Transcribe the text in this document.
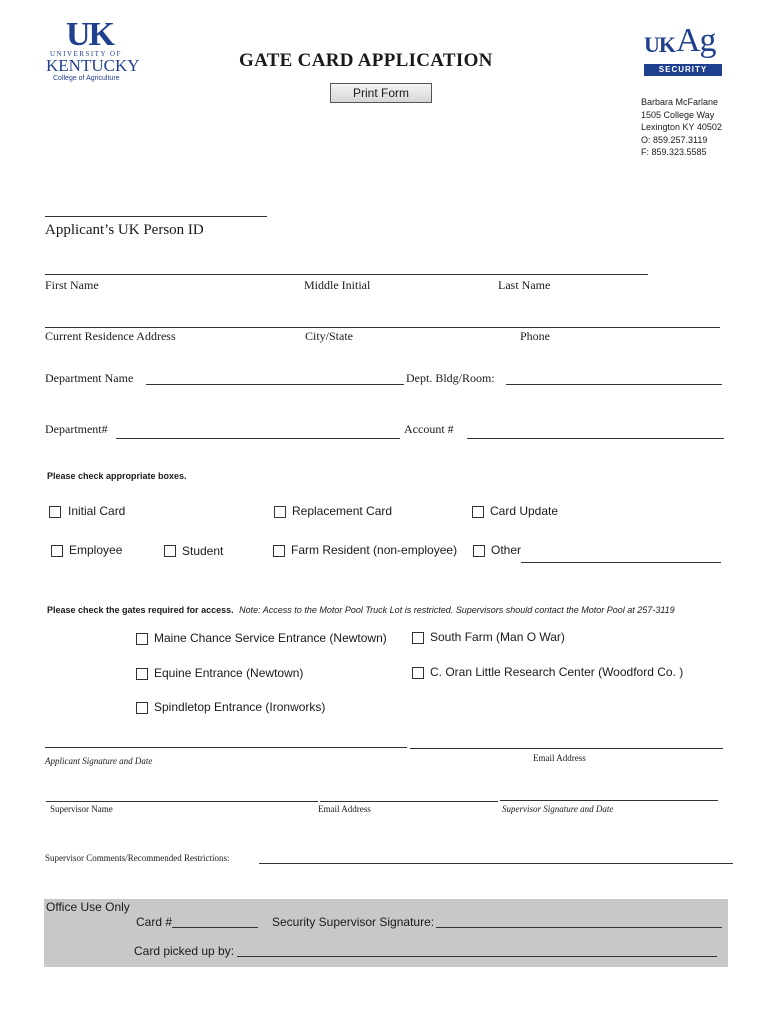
UK
UNIVERSITY OF
KENTUCKY
College of Agriculture
GATE CARD APPLICATION
Print Form
UK Ag
SECURITY
Barbara McFarlane
1505 College Way
Lexington KY 40502
O: 859.257.3119
F: 859.323.5585
Applicant’s UK Person ID
First Name	Middle Initial	Last Name
Current Residence Address	City/State	Phone
Department Name	Dept. Bldg/Room:
Department#	Account #
Please check appropriate boxes.
Initial Card	Replacement Card	Card Update
Employee	Student	Farm Resident (non-employee)	Other
Please check the gates required for access. Note: Access to the Motor Pool Truck Lot is restricted. Supervisors should contact the Motor Pool at 257-3119
Maine Chance Service Entrance (Newtown)	South Farm (Man O War)
Equine Entrance (Newtown)	C. Oran Little Research Center (Woodford Co. )
Spindletop Entrance (Ironworks)
Applicant Signature and Date	Email Address
Supervisor Name	Email Address	Supervisor Signature and Date
Supervisor Comments/Recommended Restrictions:
Office Use Only
Card #	Security Supervisor Signature:
Card picked up by:
